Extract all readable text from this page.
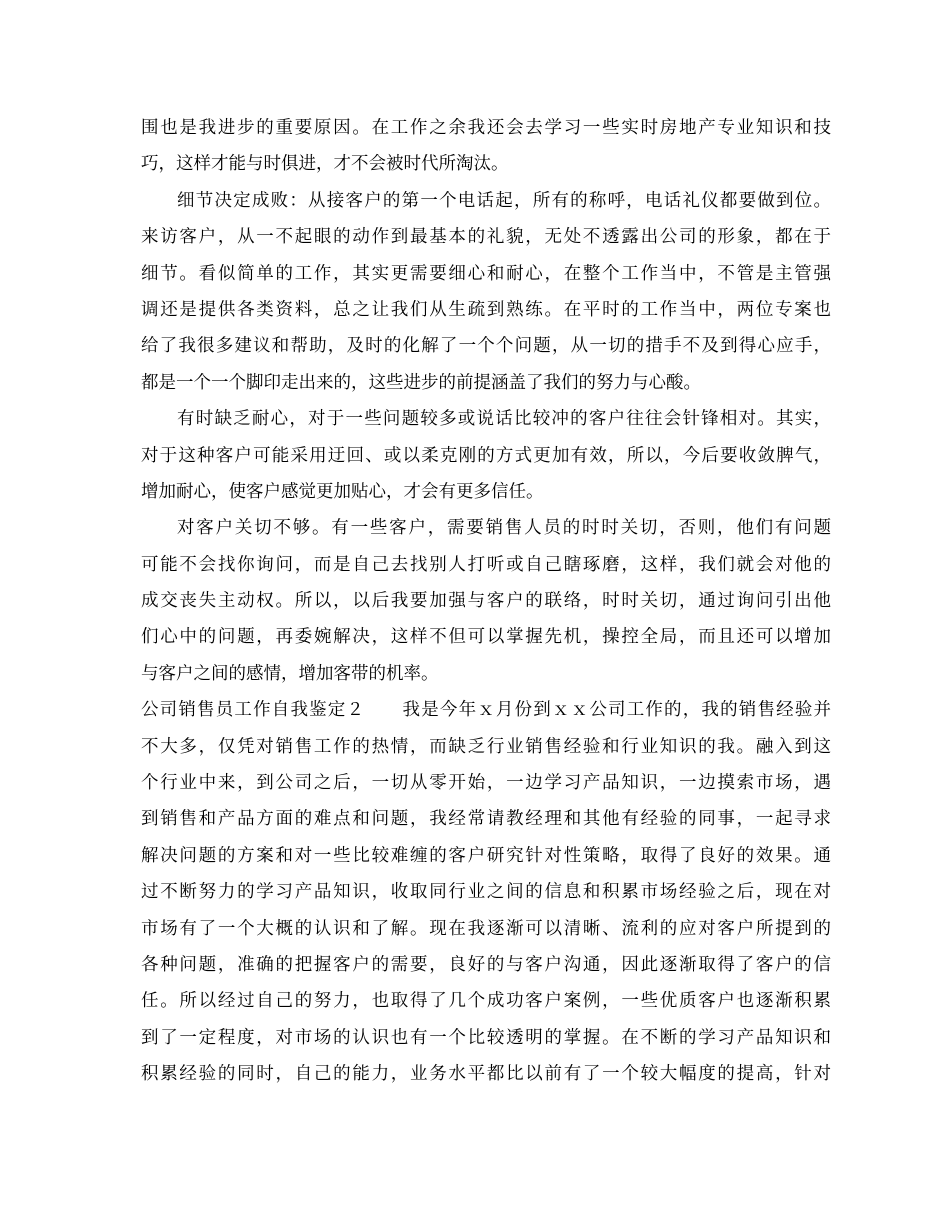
围也是我进步的重要原因。在工作之余我还会去学习一些实时房地产专业知识和技
巧，这样才能与时俱进，才不会被时代所淘汰。
细节决定成败：从接客户的第一个电话起，所有的称呼，电话礼仪都要做到位。
来访客户，从一不起眼的动作到最基本的礼貌，无处不透露出公司的形象，都在于
细节。看似简单的工作，其实更需要细心和耐心，在整个工作当中，不管是主管强
调还是提供各类资料，总之让我们从生疏到熟练。在平时的工作当中，两位专案也
给了我很多建议和帮助，及时的化解了一个个问题，从一切的措手不及到得心应手，
都是一个一个脚印走出来的，这些进步的前提涵盖了我们的努力与心酸。
有时缺乏耐心，对于一些问题较多或说话比较冲的客户往往会针锋相对。其实，
对于这种客户可能采用迂回、或以柔克刚的方式更加有效，所以，今后要收敛脾气，
增加耐心，使客户感觉更加贴心，才会有更多信任。
对客户关切不够。有一些客户，需要销售人员的时时关切，否则，他们有问题
可能不会找你询问，而是自己去找别人打听或自己瞎琢磨，这样，我们就会对他的
成交丧失主动权。所以，以后我要加强与客户的联络，时时关切，通过询问引出他
们心中的问题，再委婉解决，这样不但可以掌握先机，操控全局，而且还可以增加
与客户之间的感情，增加客带的机率。
公司销售员工作自我鉴定２　　我是今年ｘ月份到ｘｘ公司工作的，我的销售经验并
不大多，仅凭对销售工作的热情，而缺乏行业销售经验和行业知识的我。融入到这
个行业中来，到公司之后，一切从零开始，一边学习产品知识，一边摸索市场，遇
到销售和产品方面的难点和问题，我经常请教经理和其他有经验的同事，一起寻求
解决问题的方案和对一些比较难缠的客户研究针对性策略，取得了良好的效果。通
过不断努力的学习产品知识，收取同行业之间的信息和积累市场经验之后，现在对
市场有了一个大概的认识和了解。现在我逐渐可以清晰、流利的应对客户所提到的
各种问题，准确的把握客户的需要，良好的与客户沟通，因此逐渐取得了客户的信
任。所以经过自己的努力，也取得了几个成功客户案例，一些优质客户也逐渐积累
到了一定程度，对市场的认识也有一个比较透明的掌握。在不断的学习产品知识和
积累经验的同时，自己的能力，业务水平都比以前有了一个较大幅度的提高，针对
